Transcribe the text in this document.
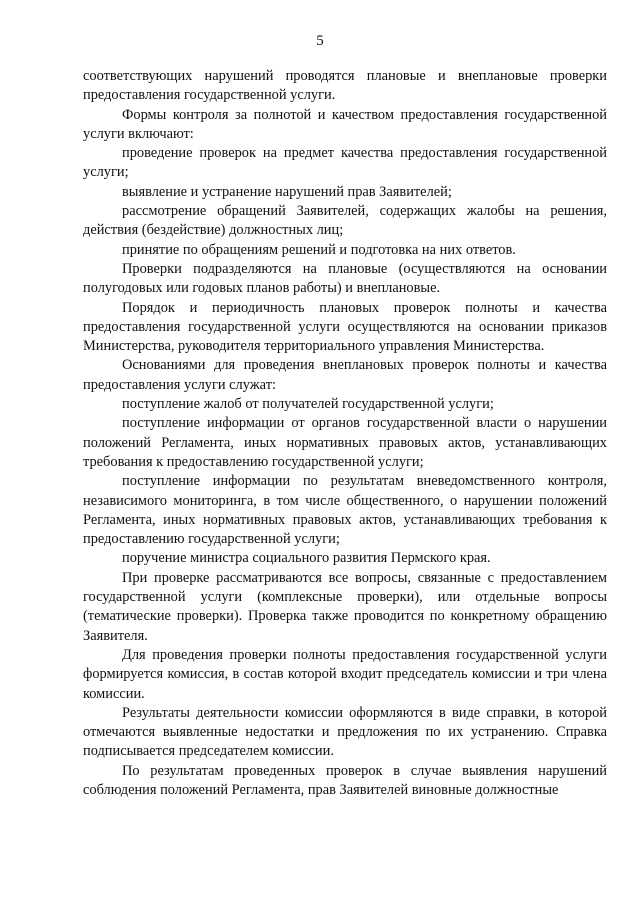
5

соответствующих нарушений проводятся плановые и внеплановые проверки предоставления государственной услуги.

Формы контроля за полнотой и качеством предоставления государственной услуги включают:

проведение проверок на предмет качества предоставления государственной услуги;

выявление и устранение нарушений прав Заявителей;

рассмотрение обращений Заявителей, содержащих жалобы на решения, действия (бездействие) должностных лиц;

принятие по обращениям решений и подготовка на них ответов.

Проверки подразделяются на плановые (осуществляются на основании полугодовых или годовых планов работы) и внеплановые.

Порядок и периодичность плановых проверок полноты и качества предоставления государственной услуги осуществляются на основании приказов Министерства, руководителя территориального управления Министерства.

Основаниями для проведения внеплановых проверок полноты и качества предоставления услуги служат:

поступление жалоб от получателей государственной услуги;

поступление информации от органов государственной власти о нарушении положений Регламента, иных нормативных правовых актов, устанавливающих требования к предоставлению государственной услуги;

поступление информации по результатам вневедомственного контроля, независимого мониторинга, в том числе общественного, о нарушении положений Регламента, иных нормативных правовых актов, устанавливающих требования к предоставлению государственной услуги;

поручение министра социального развития Пермского края.

При проверке рассматриваются все вопросы, связанные с предоставлением государственной услуги (комплексные проверки), или отдельные вопросы (тематические проверки). Проверка также проводится по конкретному обращению Заявителя.

Для проведения проверки полноты предоставления государственной услуги формируется комиссия, в состав которой входит председатель комиссии и три члена комиссии.

Результаты деятельности комиссии оформляются в виде справки, в которой отмечаются выявленные недостатки и предложения по их устранению. Справка подписывается председателем комиссии.

По результатам проведенных проверок в случае выявления нарушений соблюдения положений Регламента, прав Заявителей виновные должностные
